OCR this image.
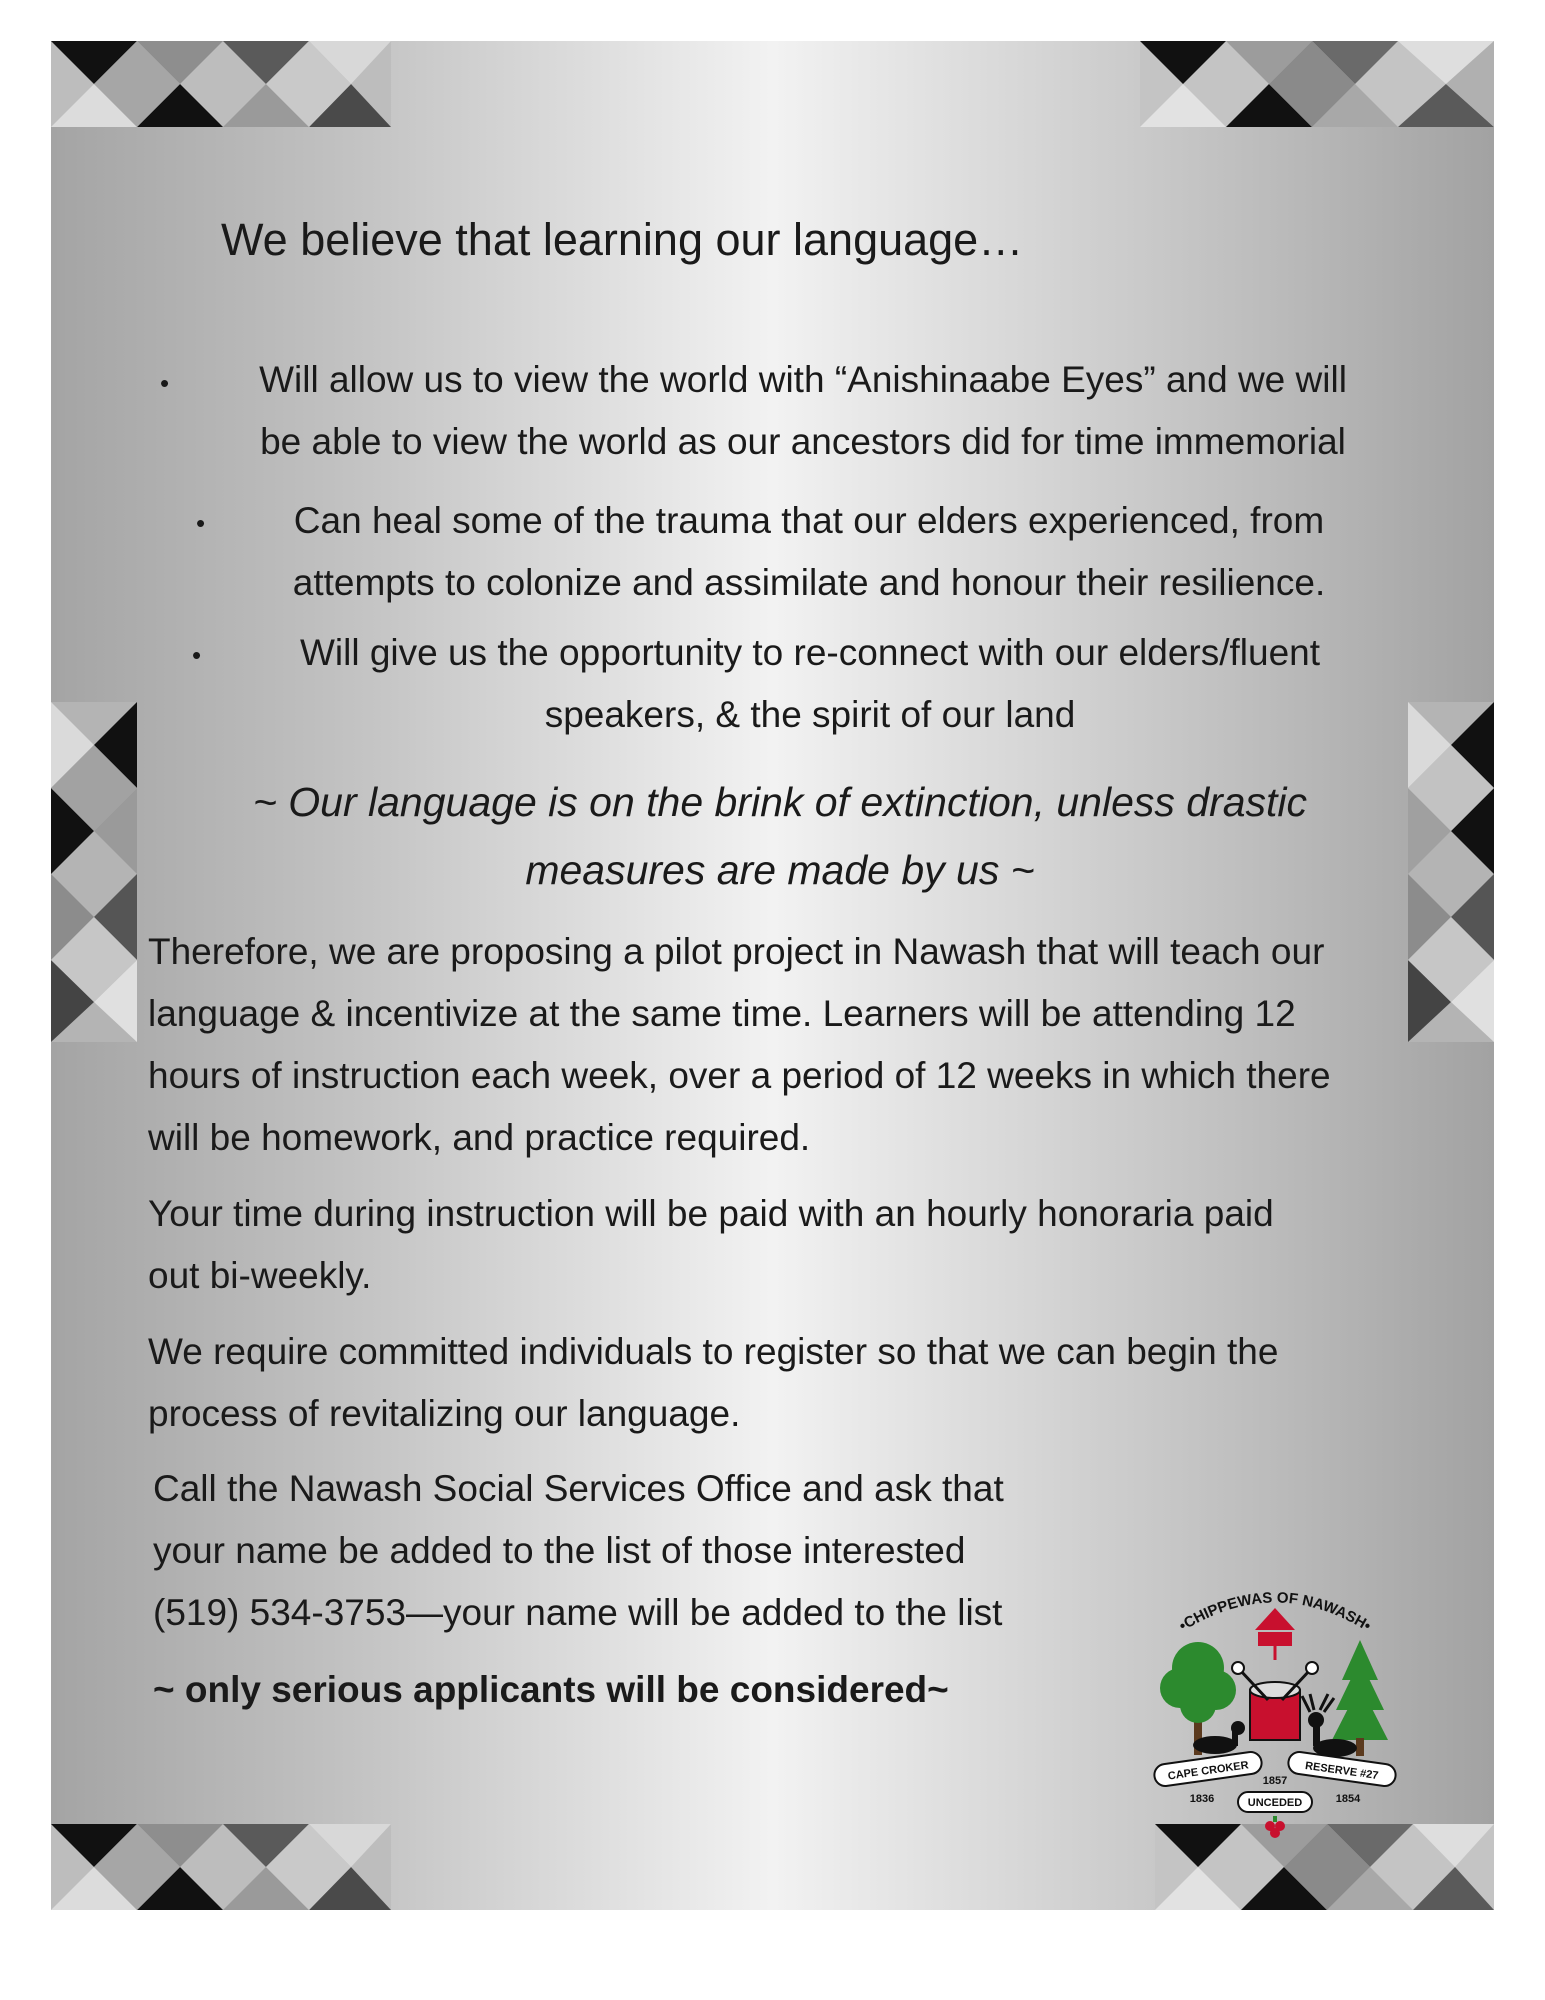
We believe that learning our language…
•	Will allow us to view the world with “Anishinaabe Eyes” and we will
be able to view the world as our ancestors did for time immemorial
•	Can heal some of the trauma that our elders experienced, from
attempts to colonize and assimilate and honour their resilience.
•	Will give us the opportunity to re-connect with our elders/fluent
speakers, & the spirit of our land
~ Our language is on the brink of extinction, unless drastic
measures are made by us ~
Therefore, we are proposing a pilot project in Nawash that will teach our
language & incentivize at the same time. Learners will be attending 12
hours of instruction each week, over a period of 12 weeks in which there
will be homework, and practice required.
Your time during instruction will be paid with an hourly honoraria paid
out bi-weekly.
We require committed individuals to register so that we can begin the
process of revitalizing our language.
Call the Nawash Social Services Office and ask that
your name be added to the list of those interested
(519) 534-3753—your name will be added to the list
~ only serious applicants will be considered~
•CHIPPEWAS OF NAWASH•
CAPE CROKER	RESERVE #27
1857
UNCEDED
1836	1854
